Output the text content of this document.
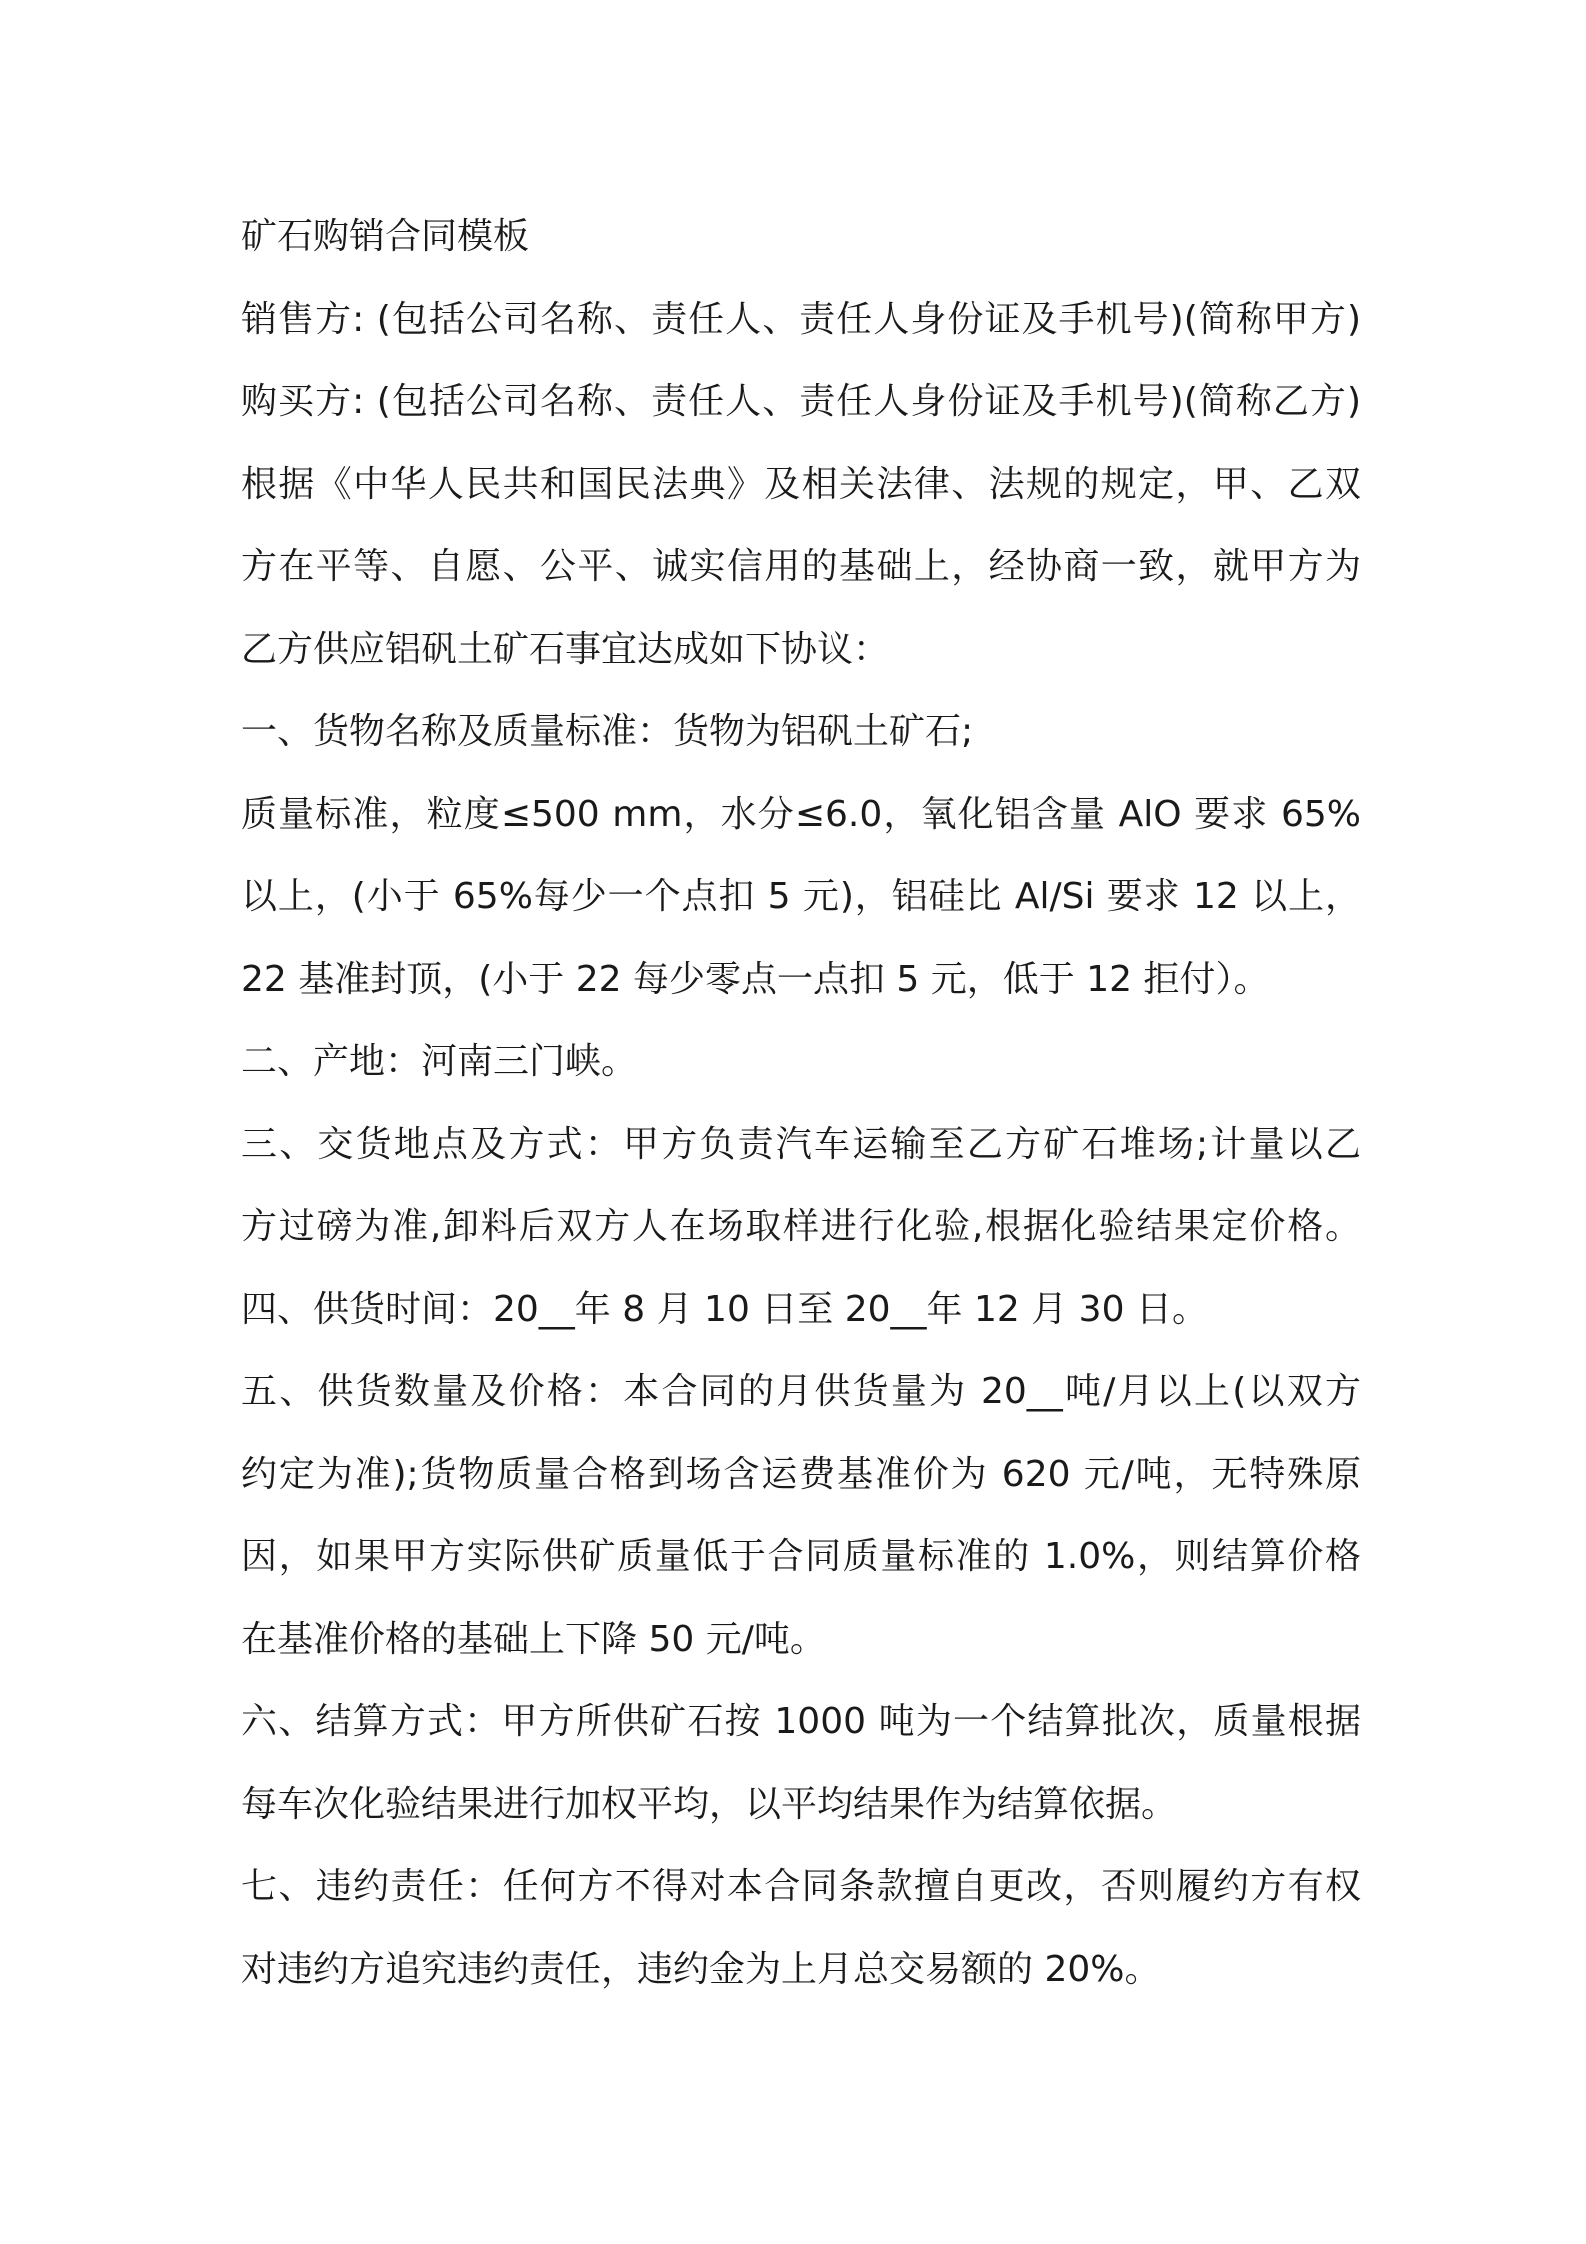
矿石购销合同模板
销售方: (包括公司名称、责任人、责任人身份证及手机号)(简称甲方)
购买方: (包括公司名称、责任人、责任人身份证及手机号)(简称乙方)
根据《中华人民共和国民法典》及相关法律、法规的规定，甲、乙双
方在平等、自愿、公平、诚实信用的基础上，经协商一致，就甲方为
乙方供应铝矾土矿石事宜达成如下协议：
一、货物名称及质量标准：货物为铝矾土矿石;
质量标准，粒度≤500 mm，水分≤6.0，氧化铝含量 AlO 要求 65%
以上，(小于 65%每少一个点扣 5 元)，铝硅比 Al/Si 要求 12 以上，
22 基准封顶，(小于 22 每少零点一点扣 5 元，低于 12 拒付）。
二、产地：河南三门峡。
三、交货地点及方式：甲方负责汽车运输至乙方矿石堆场;计量以乙
方过磅为准,卸料后双方人在场取样进行化验,根据化验结果定价格。
四、供货时间：20__年 8 月 10 日至 20__年 12 月 30 日。
五、供货数量及价格：本合同的月供货量为 20__吨/月以上(以双方
约定为准);货物质量合格到场含运费基准价为 620 元/吨，无特殊原
因，如果甲方实际供矿质量低于合同质量标准的 1.0%，则结算价格
在基准价格的基础上下降 50 元/吨。
六、结算方式：甲方所供矿石按 1000 吨为一个结算批次，质量根据
每车次化验结果进行加权平均，以平均结果作为结算依据。
七、违约责任：任何方不得对本合同条款擅自更改，否则履约方有权
对违约方追究违约责任，违约金为上月总交易额的 20%。
